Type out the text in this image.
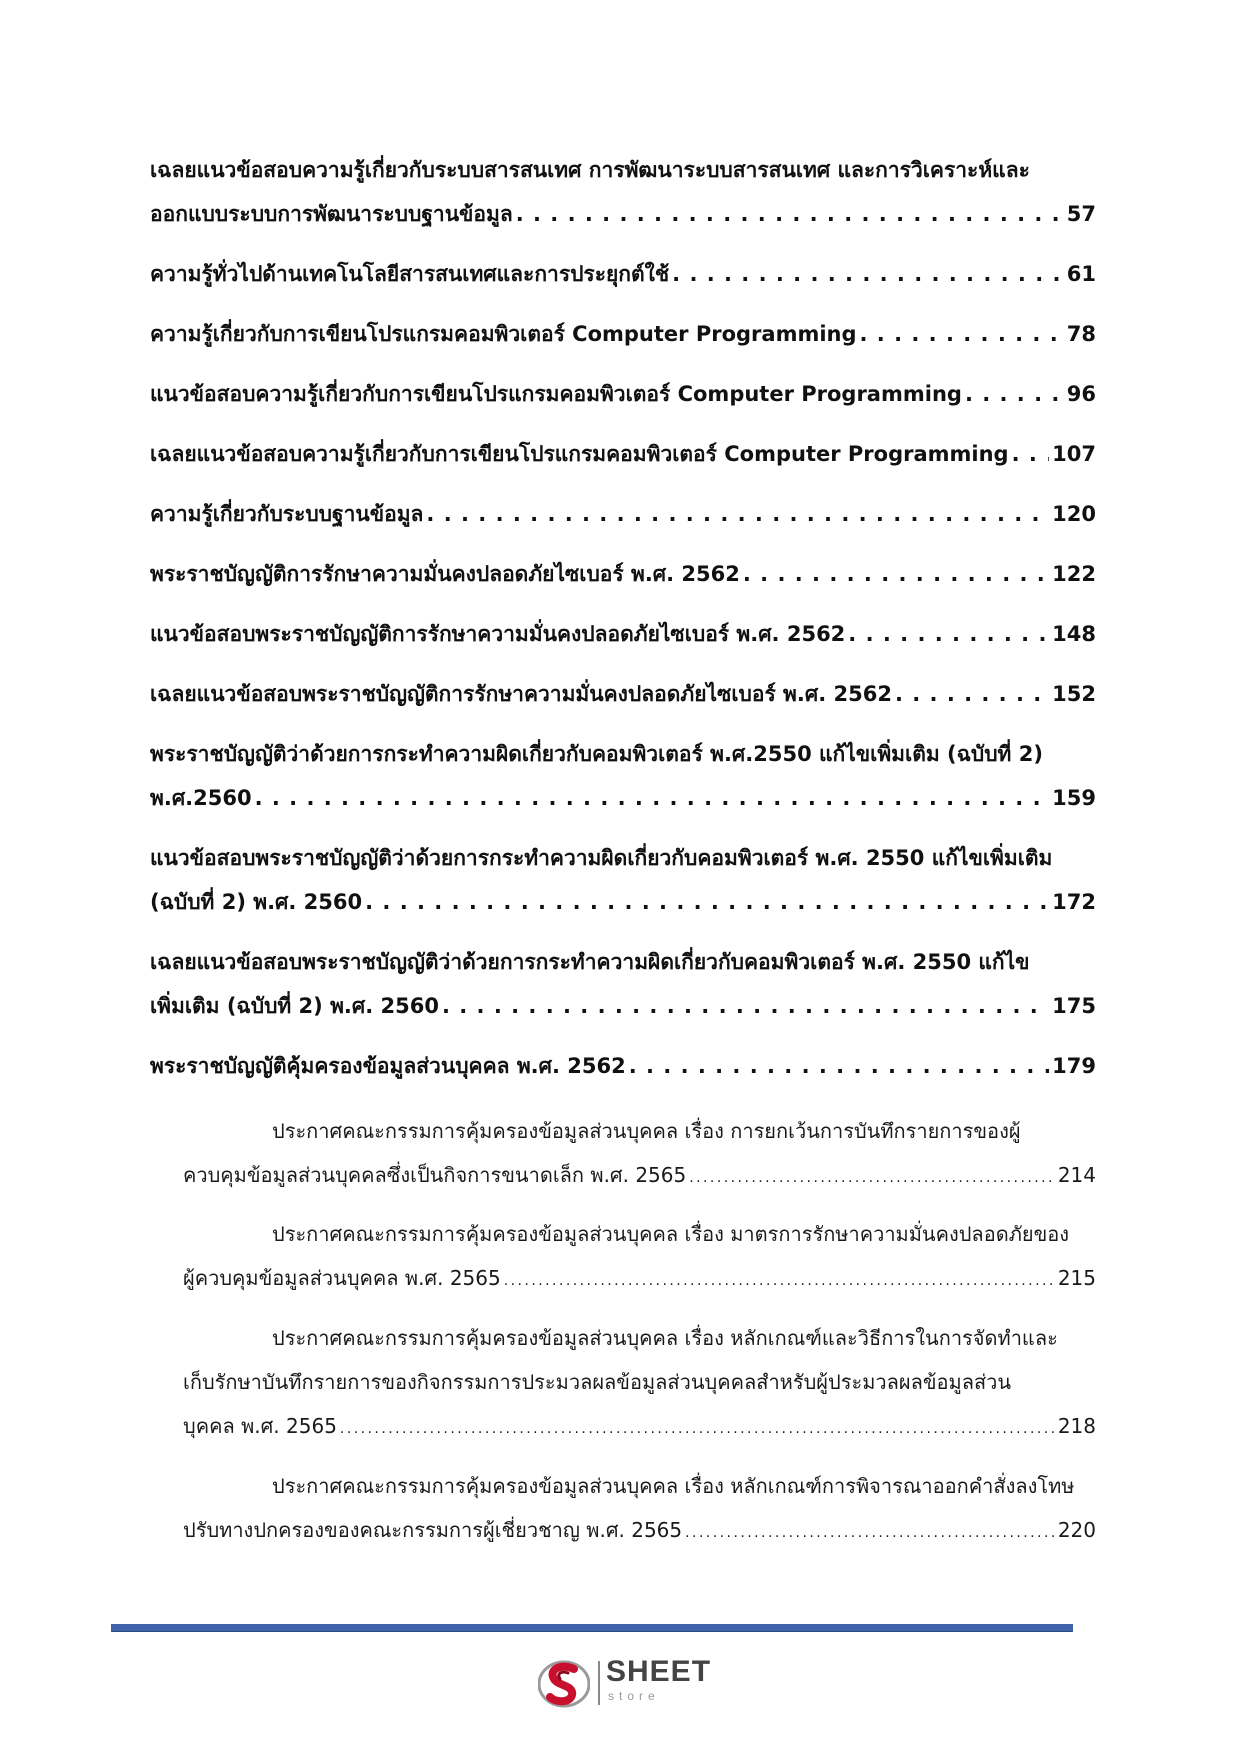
เฉลยแนวข้อสอบความรู้เกี่ยวกับระบบสารสนเทศ การพัฒนาระบบสารสนเทศ และการวิเคราะห์และ
ออกแบบระบบการพัฒนาระบบฐานข้อมูล . . .	57
ความรู้ทั่วไปด้านเทคโนโลยีสารสนเทศและการประยุกต์ใช้ . . .	61
ความรู้เกี่ยวกับการเขียนโปรแกรมคอมพิวเตอร์ Computer Programming . . .	78
แนวข้อสอบความรู้เกี่ยวกับการเขียนโปรแกรมคอมพิวเตอร์ Computer Programming . . .	96
เฉลยแนวข้อสอบความรู้เกี่ยวกับการเขียนโปรแกรมคอมพิวเตอร์ Computer Programming . . . 107
ความรู้เกี่ยวกับระบบฐานข้อมูล . . .	120
พระราชบัญญัติการรักษาความมั่นคงปลอดภัยไซเบอร์ พ.ศ. 2562 . . .	122
แนวข้อสอบพระราชบัญญัติการรักษาความมั่นคงปลอดภัยไซเบอร์ พ.ศ. 2562 . . .	148
เฉลยแนวข้อสอบพระราชบัญญัติการรักษาความมั่นคงปลอดภัยไซเบอร์ พ.ศ. 2562 . . .	152
พระราชบัญญัติว่าด้วยการกระทำความผิดเกี่ยวกับคอมพิวเตอร์ พ.ศ.2550 แก้ไขเพิ่มเติม (ฉบับที่ 2)
พ.ศ.2560 . . .	159
แนวข้อสอบพระราชบัญญัติว่าด้วยการกระทำความผิดเกี่ยวกับคอมพิวเตอร์ พ.ศ. 2550 แก้ไขเพิ่มเติม
(ฉบับที่ 2) พ.ศ. 2560 . . .	172
เฉลยแนวข้อสอบพระราชบัญญัติว่าด้วยการกระทำความผิดเกี่ยวกับคอมพิวเตอร์ พ.ศ. 2550 แก้ไข
เพิ่มเติม (ฉบับที่ 2) พ.ศ. 2560 . . .	175
พระราชบัญญัติคุ้มครองข้อมูลส่วนบุคคล พ.ศ. 2562 . . .	179
ประกาศคณะกรรมการคุ้มครองข้อมูลส่วนบุคคล เรื่อง การยกเว้นการบันทึกรายการของผู้
ควบคุมข้อมูลส่วนบุคคลซึ่งเป็นกิจการขนาดเล็ก พ.ศ. 2565 . . .	214
ประกาศคณะกรรมการคุ้มครองข้อมูลส่วนบุคคล เรื่อง มาตรการรักษาความมั่นคงปลอดภัยของ
ผู้ควบคุมข้อมูลส่วนบุคคล พ.ศ. 2565 . . .	215
ประกาศคณะกรรมการคุ้มครองข้อมูลส่วนบุคคล เรื่อง หลักเกณฑ์และวิธีการในการจัดทำและ
เก็บรักษาบันทึกรายการของกิจกรรมการประมวลผลข้อมูลส่วนบุคคลสำหรับผู้ประมวลผลข้อมูลส่วน
บุคคล พ.ศ. 2565 . . .	218
ประกาศคณะกรรมการคุ้มครองข้อมูลส่วนบุคคล เรื่อง หลักเกณฑ์การพิจารณาออกคำสั่งลงโทษ
ปรับทางปกครองของคณะกรรมการผู้เชี่ยวชาญ พ.ศ. 2565 . . .	220
SHEET
store
